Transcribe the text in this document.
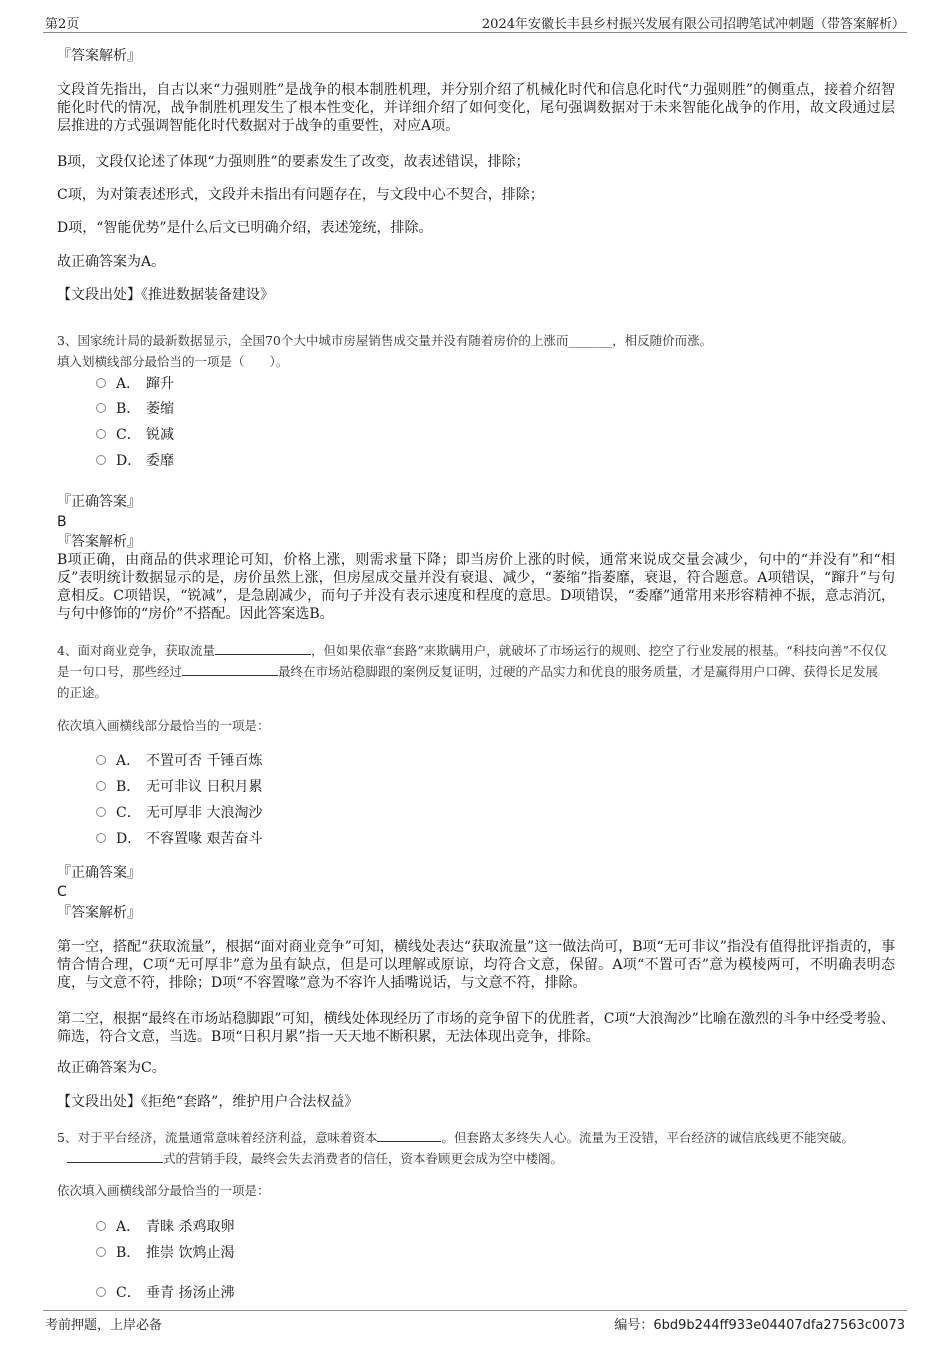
第2页	2024年安徽长丰县乡村振兴发展有限公司招聘笔试冲刺题（带答案解析）
『答案解析』
文段首先指出，自古以来“力强则胜”是战争的根本制胜机理，并分别介绍了机械化时代和信息化时代“力强则胜”的侧重点，接着介绍智能化时代的情况，战争制胜机理发生了根本性变化，并详细介绍了如何变化，尾句强调数据对于未来智能化战争的作用，故文段通过层层推进的方式强调智能化时代数据对于战争的重要性，对应A项。
B项，文段仅论述了体现“力强则胜”的要素发生了改变，故表述错误，排除；
C项，为对策表述形式，文段并未指出有问题存在，与文段中心不契合，排除；
D项，“智能优势”是什么后文已明确介绍，表述笼统，排除。
故正确答案为A。
【文段出处】《推进数据装备建设》
3、国家统计局的最新数据显示，全国70个大中城市房屋销售成交量并没有随着房价的上涨而_______，相反随价而涨。
填入划横线部分最恰当的一项是（　　）。
A． 蹿升
B． 萎缩
C． 锐减
D． 委靡
『正确答案』
B
『答案解析』
B项正确，由商品的供求理论可知，价格上涨，则需求量下降；即当房价上涨的时候，通常来说成交量会减少，句中的“并没有”和“相反”表明统计数据显示的是，房价虽然上涨，但房屋成交量并没有衰退、减少，“萎缩”指萎靡，衰退，符合题意。A项错误，“蹿升”与句意相反。C项错误，“锐减”，是急剧减少，而句子并没有表示速度和程度的意思。D项错误，“委靡”通常用来形容精神不振，意志消沉，与句中修饰的“房价”不搭配。因此答案选B。
4、面对商业竞争，获取流量	，但如果依靠“套路”来欺瞒用户，就破坏了市场运行的规则、挖空了行业发展的根基。“科技向善”不仅仅是一句口号，那些经过	最终在市场站稳脚跟的案例反复证明，过硬的产品实力和优良的服务质量，才是赢得用户口碑、获得长足发展的正途。
依次填入画横线部分最恰当的一项是：
A． 不置可否 千锤百炼
B． 无可非议 日积月累
C． 无可厚非 大浪淘沙
D． 不容置喙 艰苦奋斗
『正确答案』
C
『答案解析』
第一空，搭配“获取流量”，根据“面对商业竞争”可知，横线处表达“获取流量”这一做法尚可，B项“无可非议”指没有值得批评指责的，事情合情合理，C项“无可厚非”意为虽有缺点，但是可以理解或原谅，均符合文意，保留。A项“不置可否”意为模棱两可，不明确表明态度，与文意不符，排除；D项“不容置喙”意为不容许人插嘴说话，与文意不符，排除。
第二空，根据“最终在市场站稳脚跟”可知，横线处体现经历了市场的竞争留下的优胜者，C项“大浪淘沙”比喻在激烈的斗争中经受考验、筛选，符合文意，当选。B项“日积月累”指一天天地不断积累，无法体现出竞争，排除。
故正确答案为C。
【文段出处】《拒绝“套路”，维护用户合法权益》
5、对于平台经济，流量通常意味着经济利益，意味着资本	。但套路太多终失人心。流量为王没错，平台经济的诚信底线更不能突破。式的营销手段，最终会失去消费者的信任，资本眷顾更会成为空中楼阁。
依次填入画横线部分最恰当的一项是：
A． 青睐 杀鸡取卵
B． 推崇 饮鸩止渴
C． 垂青 扬汤止沸
考前押题，上岸必备	编号：6bd9b244ff933e04407dfa27563c0073
